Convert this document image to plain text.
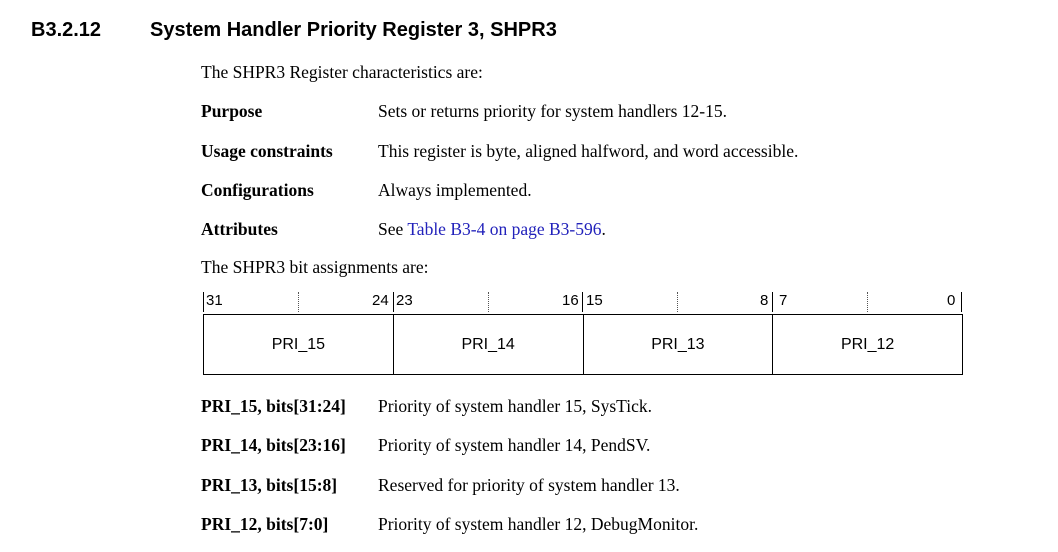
B3.2.12 System Handler Priority Register 3, SHPR3
The SHPR3 Register characteristics are:
Purpose	Sets or returns priority for system handlers 12-15.
Usage constraints	This register is byte, aligned halfword, and word accessible.
Configurations	Always implemented.
Attributes	See Table B3-4 on page B3-596.
The SHPR3 bit assignments are:
31	24 23	16 15	8 7	0
PRI_15	PRI_14	PRI_13	PRI_12
PRI_15, bits[31:24] Priority of system handler 15, SysTick.
PRI_14, bits[23:16] Priority of system handler 14, PendSV.
PRI_13, bits[15:8] Reserved for priority of system handler 13.
PRI_12, bits[7:0]	Priority of system handler 12, DebugMonitor.
